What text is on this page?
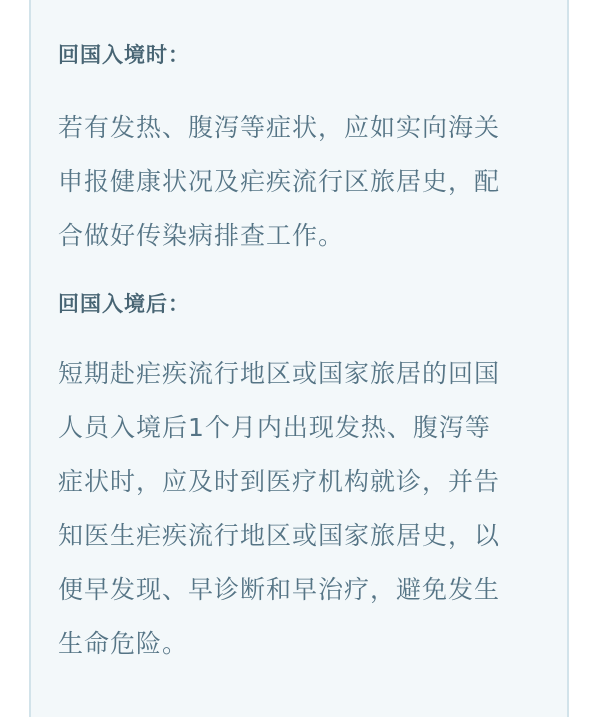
回国入境时：
若有发热、腹泻等症状，应如实向海关
申报健康状况及疟疾流行区旅居史，配
合做好传染病排查工作。
回国入境后：
短期赴疟疾流行地区或国家旅居的回国
人员入境后1个月内出现发热、腹泻等
症状时，应及时到医疗机构就诊，并告
知医生疟疾流行地区或国家旅居史，以
便早发现、早诊断和早治疗，避免发生
生命危险。
